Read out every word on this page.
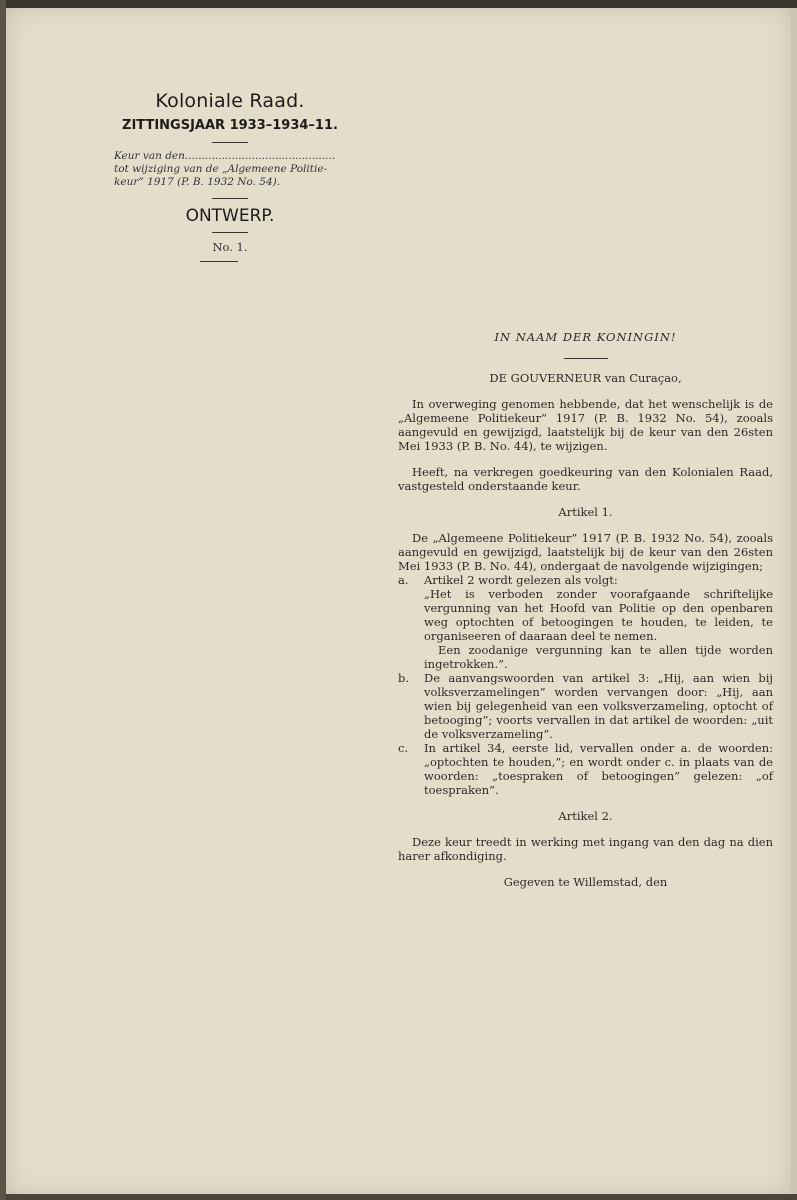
Koloniale Raad.
ZITTINGSJAAR 1933–1934–11.
Keur van den.............................................
tot wijziging van de „Algemeene Politie-
keur” 1917 (P. B. 1932 No. 54).
ONTWERP.
No. 1.

IN NAAM DER KONINGIN!

DE GOUVERNEUR van Curaçao,

In overweging genomen hebbende, dat het wenschelijk is de „Algemeene Politiekeur” 1917 (P. B. 1932 No. 54), zooals aangevuld en gewijzigd, laatstelijk bij de keur van den 26sten Mei 1933 (P. B. No. 44), te wijzigen.

Heeft, na verkregen goedkeuring van den Kolonialen Raad, vastgesteld onderstaande keur.

Artikel 1.

De „Algemeene Politiekeur” 1917 (P. B. 1932 No. 54), zooals aangevuld en gewijzigd, laatstelijk bij de keur van den 26sten Mei 1933 (P. B. No. 44), ondergaat de navolgende wijzigingen;

a.	Artikel 2 wordt gelezen als volgt:

„Het is verboden zonder voorafgaande schriftelijke vergunning van het Hoofd van Politie op den openbaren weg optochten of betoogingen te houden, te leiden, te organiseeren of daaraan deel te nemen.

Een zoodanige vergunning kan te allen tijde worden ingetrokken.”.

b.	De aanvangswoorden van artikel 3: „Hij, aan wien bij volksverzamelingen” worden vervangen door: „Hij, aan wien bij gelegenheid van een volksverzameling, optocht of betooging”; voorts vervallen in dat artikel de woorden: „uit de volksverzameling”.
c.	In artikel 34, eerste lid, vervallen onder a. de woorden: „optochten te houden,”; en wordt onder c. in plaats van de woorden: „toespraken of betoogingen” gelezen: „of toespraken”.

Artikel 2.

Deze keur treedt in werking met ingang van den dag na dien harer afkondiging.

Gegeven te Willemstad, den
